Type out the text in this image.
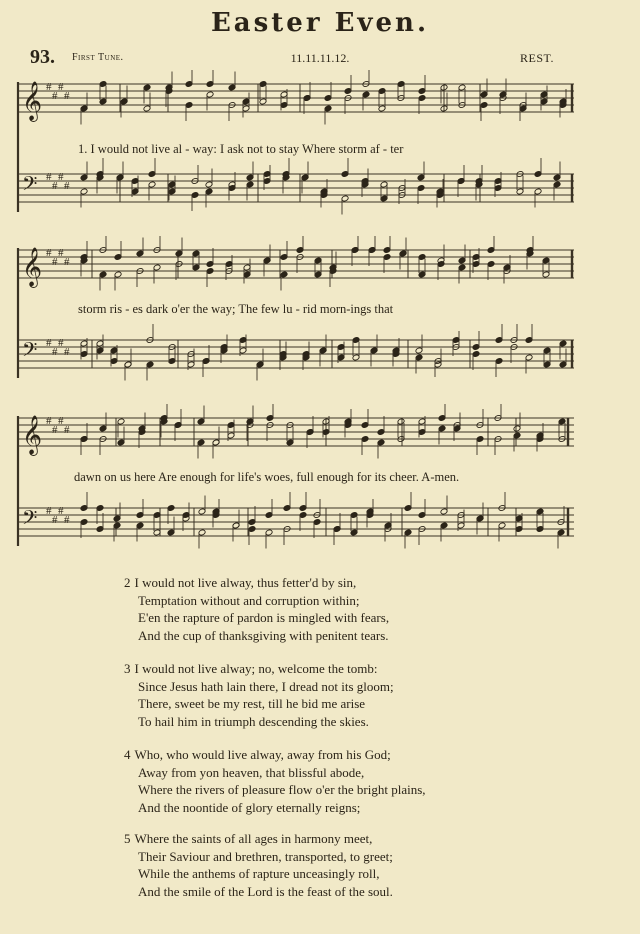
Easter Even.
93. First Tune.	11.11.11.12.	REST.
𝄞 #
#
#
#
𝄢 #
#
#
#
1. I would not live al - way: I ask not to stay Where storm af - ter
𝄞 #
#
#
#
𝄢 #
#
#
#
storm ris - es dark o'er the way; The few lu - rid morn-ings that
𝄞 #
#
#
#
𝄢 #
#
#
#
dawn on us here Are enough for life's woes, full enough for its cheer. A-men.
2 I would not live alway, thus fetter'd by sin,
Temptation without and corruption within;
E'en the rapture of pardon is mingled with fears,
And the cup of thanksgiving with penitent tears.
3 I would not live alway; no, welcome the tomb:
Since Jesus hath lain there, I dread not its gloom;
There, sweet be my rest, till he bid me arise
To hail him in triumph descending the skies.
4 Who, who would live alway, away from his God;
Away from yon heaven, that blissful abode,
Where the rivers of pleasure flow o'er the bright plains,
And the noontide of glory eternally reigns;
5 Where the saints of all ages in harmony meet,
Their Saviour and brethren, transported, to greet;
While the anthems of rapture unceasingly roll,
And the smile of the Lord is the feast of the soul.
